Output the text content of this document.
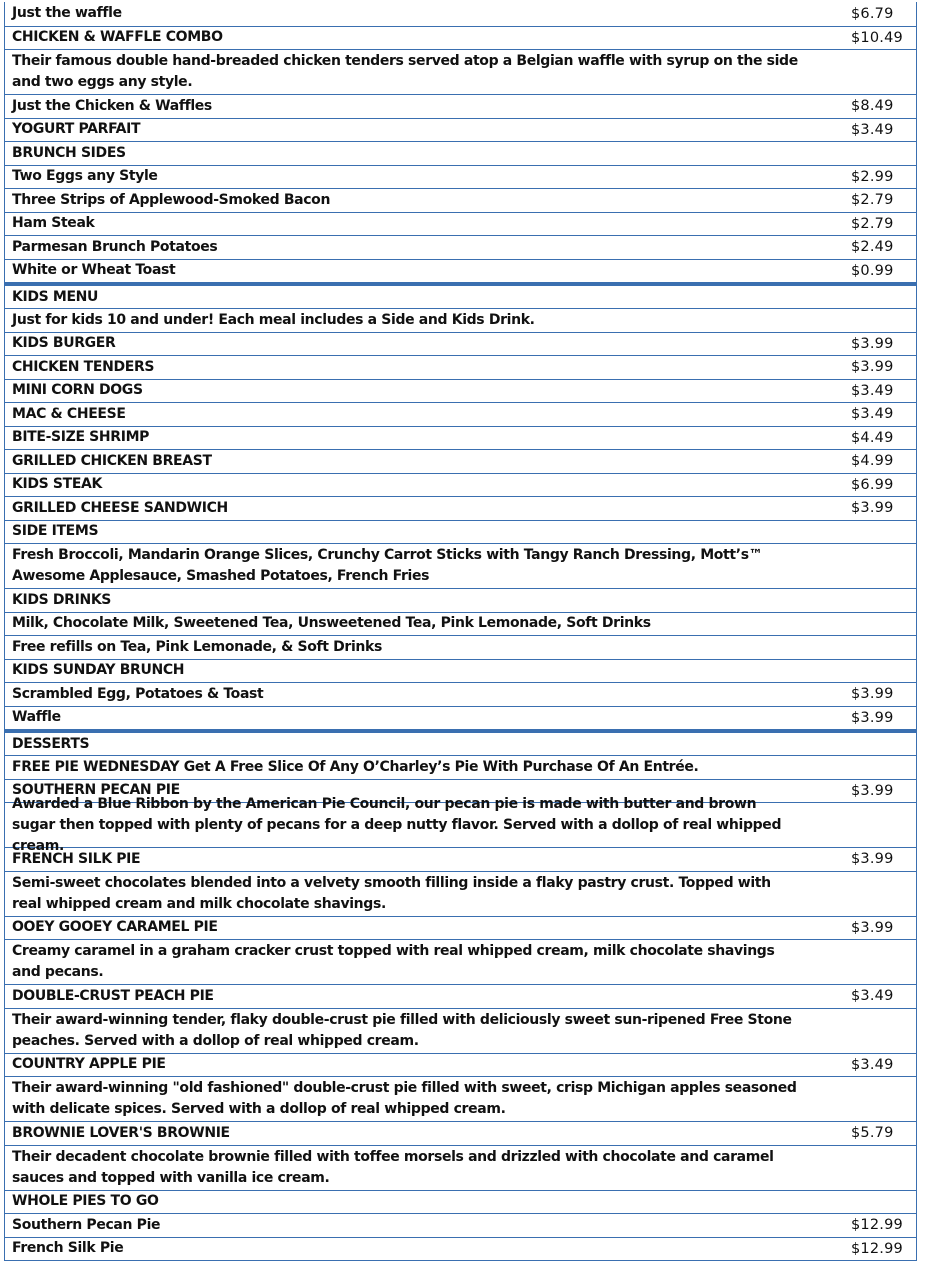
Just the waffle	$6.79
CHICKEN & WAFFLE COMBO	$10.49
Their famous double hand-breaded chicken tenders served atop a Belgian waffle with syrup on the side and two eggs any style.
Just the Chicken & Waffles	$8.49
YOGURT PARFAIT	$3.49
BRUNCH SIDES
Two Eggs any Style	$2.99
Three Strips of Applewood-Smoked Bacon	$2.79
Ham Steak	$2.79
Parmesan Brunch Potatoes	$2.49
White or Wheat Toast	$0.99
KIDS MENU
Just for kids 10 and under! Each meal includes a Side and Kids Drink.
KIDS BURGER	$3.99
CHICKEN TENDERS	$3.99
MINI CORN DOGS	$3.49
MAC & CHEESE	$3.49
BITE-SIZE SHRIMP	$4.49
GRILLED CHICKEN BREAST	$4.99
KIDS STEAK	$6.99
GRILLED CHEESE SANDWICH	$3.99
SIDE ITEMS
Fresh Broccoli, Mandarin Orange Slices, Crunchy Carrot Sticks with Tangy Ranch Dressing, Mott’s™ Awesome Applesauce, Smashed Potatoes, French Fries
KIDS DRINKS
Milk, Chocolate Milk, Sweetened Tea, Unsweetened Tea, Pink Lemonade, Soft Drinks
Free refills on Tea, Pink Lemonade, & Soft Drinks
KIDS SUNDAY BRUNCH
Scrambled Egg, Potatoes & Toast	$3.99
Waffle	$3.99
DESSERTS
FREE PIE WEDNESDAY Get A Free Slice Of Any O’Charley’s Pie With Purchase Of An Entrée.
SOUTHERN PECAN PIE	$3.99
Awarded a Blue Ribbon by the American Pie Council, our pecan pie is made with butter and brown sugar then topped with plenty of pecans for a deep nutty flavor. Served with a dollop of real whipped cream.
FRENCH SILK PIE	$3.99
Semi-sweet chocolates blended into a velvety smooth filling inside a flaky pastry crust. Topped with real whipped cream and milk chocolate shavings.
OOEY GOOEY CARAMEL PIE	$3.99
Creamy caramel in a graham cracker crust topped with real whipped cream, milk chocolate shavings and pecans.
DOUBLE-CRUST PEACH PIE	$3.49
Their award-winning tender, flaky double-crust pie filled with deliciously sweet sun-ripened Free Stone peaches. Served with a dollop of real whipped cream.
COUNTRY APPLE PIE	$3.49
Their award-winning "old fashioned" double-crust pie filled with sweet, crisp Michigan apples seasoned with delicate spices. Served with a dollop of real whipped cream.
BROWNIE LOVER'S BROWNIE	$5.79
Their decadent chocolate brownie filled with toffee morsels and drizzled with chocolate and caramel sauces and topped with vanilla ice cream.
WHOLE PIES TO GO
Southern Pecan Pie	$12.99
French Silk Pie	$12.99
